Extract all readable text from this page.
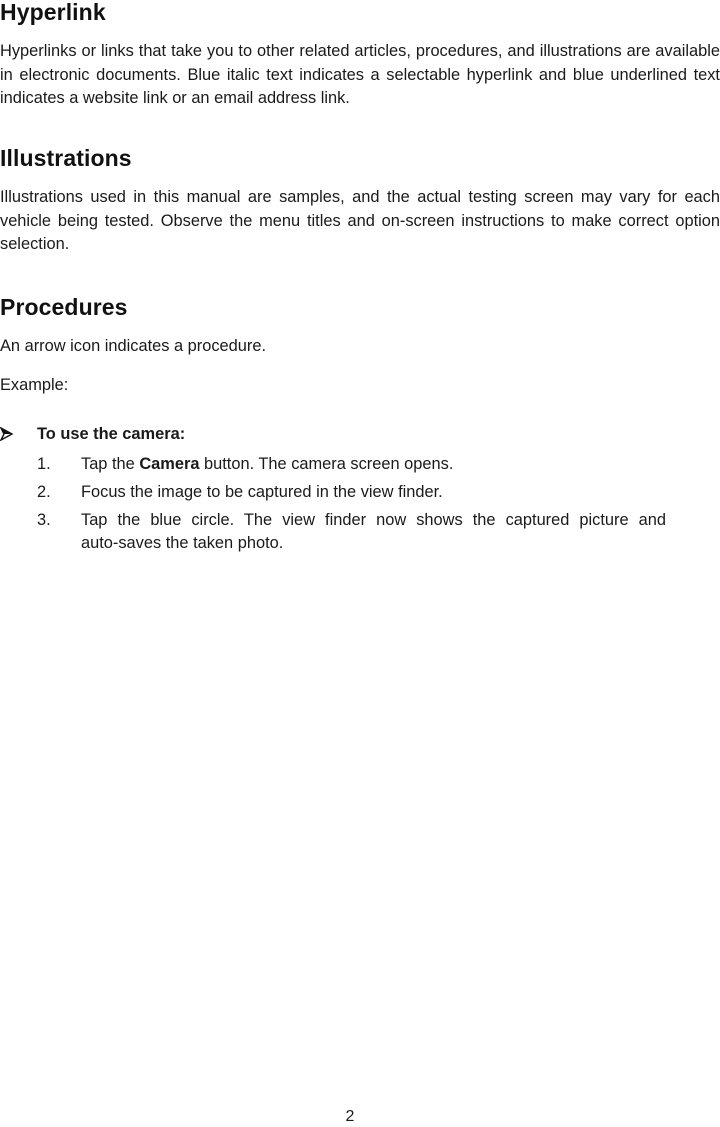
Hyperlink

Hyperlinks or links that take you to other related articles, procedures, and illustrations are available in electronic documents. Blue italic text indicates a selectable hyperlink and blue underlined text indicates a website link or an email address link.

Illustrations

Illustrations used in this manual are samples, and the actual testing screen may vary for each vehicle being tested. Observe the menu titles and on-screen instructions to make correct option selection.

Procedures

An arrow icon indicates a procedure.

Example:

To use the camera:
1. Tap the Camera button. The camera screen opens.
2. Focus the image to be captured in the view finder.
3. Tap the blue circle. The view finder now shows the captured picture and
auto-saves the taken photo.
2
